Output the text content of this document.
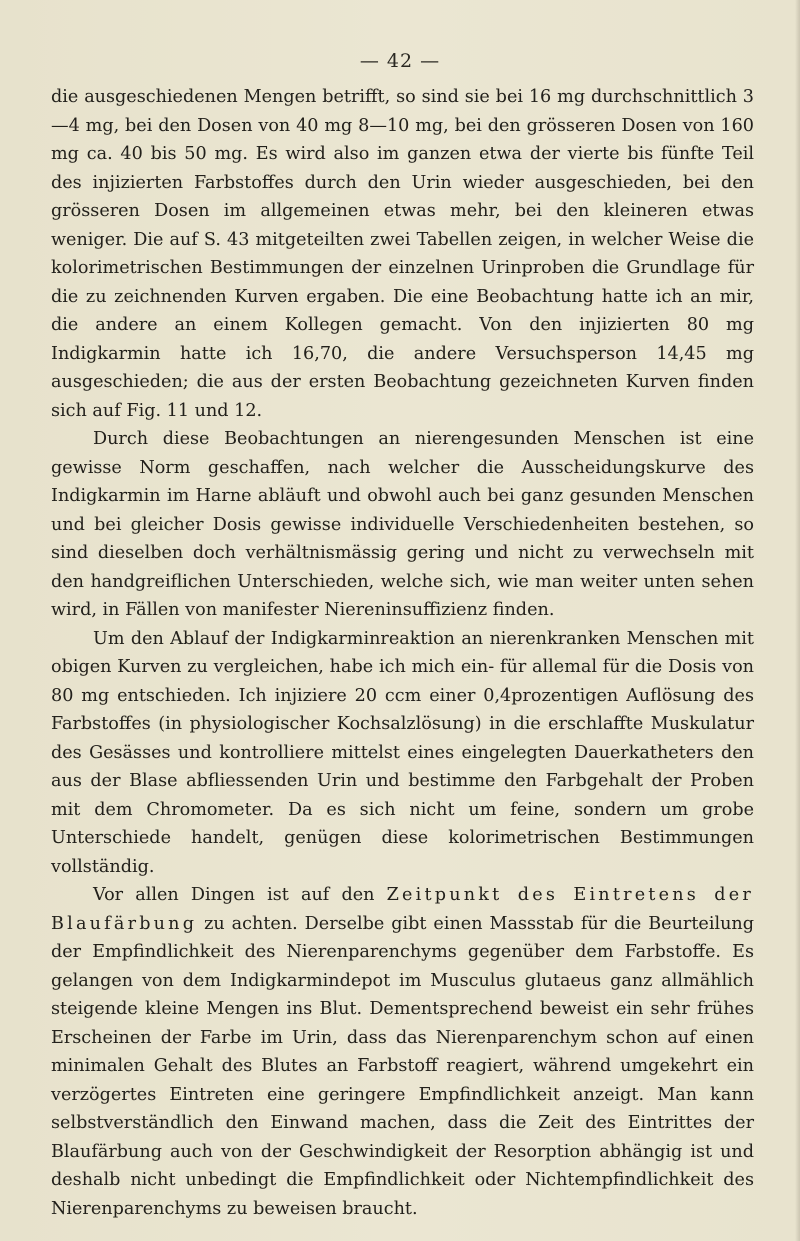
— 42 —

die ausgeschiedenen Mengen betrifft, so sind sie bei 16 mg durchschnittlich 3—4 mg, bei den Dosen von 40 mg 8—10 mg, bei den grösseren Dosen von 160 mg ca. 40 bis 50 mg. Es wird also im ganzen etwa der vierte bis fünfte Teil des injizierten Farbstoffes durch den Urin wieder ausgeschieden, bei den grösseren Dosen im allgemeinen etwas mehr, bei den kleineren etwas weniger. Die auf S. 43 mitgeteilten zwei Tabellen zeigen, in welcher Weise die kolorimetrischen Bestimmungen der einzelnen Urinproben die Grundlage für die zu zeichnenden Kurven ergaben. Die eine Beobachtung hatte ich an mir, die andere an einem Kollegen gemacht. Von den injizierten 80 mg Indigkarmin hatte ich 16,70, die andere Versuchsperson 14,45 mg ausgeschieden; die aus der ersten Beobachtung gezeichneten Kurven finden sich auf Fig. 11 und 12.

Durch diese Beobachtungen an nierengesunden Menschen ist eine gewisse Norm geschaffen, nach welcher die Ausscheidungskurve des Indigkarmin im Harne abläuft und obwohl auch bei ganz gesunden Menschen und bei gleicher Dosis gewisse individuelle Verschiedenheiten bestehen, so sind dieselben doch verhältnismässig gering und nicht zu verwechseln mit den handgreiflichen Unterschieden, welche sich, wie man weiter unten sehen wird, in Fällen von manifester Niereninsuffizienz finden.

Um den Ablauf der Indigkarminreaktion an nierenkranken Menschen mit obigen Kurven zu vergleichen, habe ich mich ein- für allemal für die Dosis von 80 mg entschieden. Ich injiziere 20 ccm einer 0,4prozentigen Auflösung des Farbstoffes (in physiologischer Kochsalzlösung) in die erschlaffte Muskulatur des Gesässes und kontrolliere mittelst eines eingelegten Dauerkatheters den aus der Blase abfliessenden Urin und bestimme den Farbgehalt der Proben mit dem Chromometer. Da es sich nicht um feine, sondern um grobe Unterschiede handelt, genügen diese kolorimetrischen Bestimmungen vollständig.

Vor allen Dingen ist auf den Zeitpunkt des Eintretens der Blaufärbung zu achten. Derselbe gibt einen Massstab für die Beurteilung der Empfindlichkeit des Nierenparenchyms gegenüber dem Farbstoffe. Es gelangen von dem Indigkarmindepot im Musculus glutaeus ganz allmählich steigende kleine Mengen ins Blut. Dementsprechend beweist ein sehr frühes Erscheinen der Farbe im Urin, dass das Nierenparenchym schon auf einen minimalen Gehalt des Blutes an Farbstoff reagiert, während umgekehrt ein verzögertes Eintreten eine geringere Empfindlichkeit anzeigt. Man kann selbstverständlich den Einwand machen, dass die Zeit des Eintrittes der Blaufärbung auch von der Geschwindigkeit der Resorption abhängig ist und deshalb nicht unbedingt die Empfindlichkeit oder Nichtempfindlichkeit des Nierenparenchyms zu beweisen braucht.
